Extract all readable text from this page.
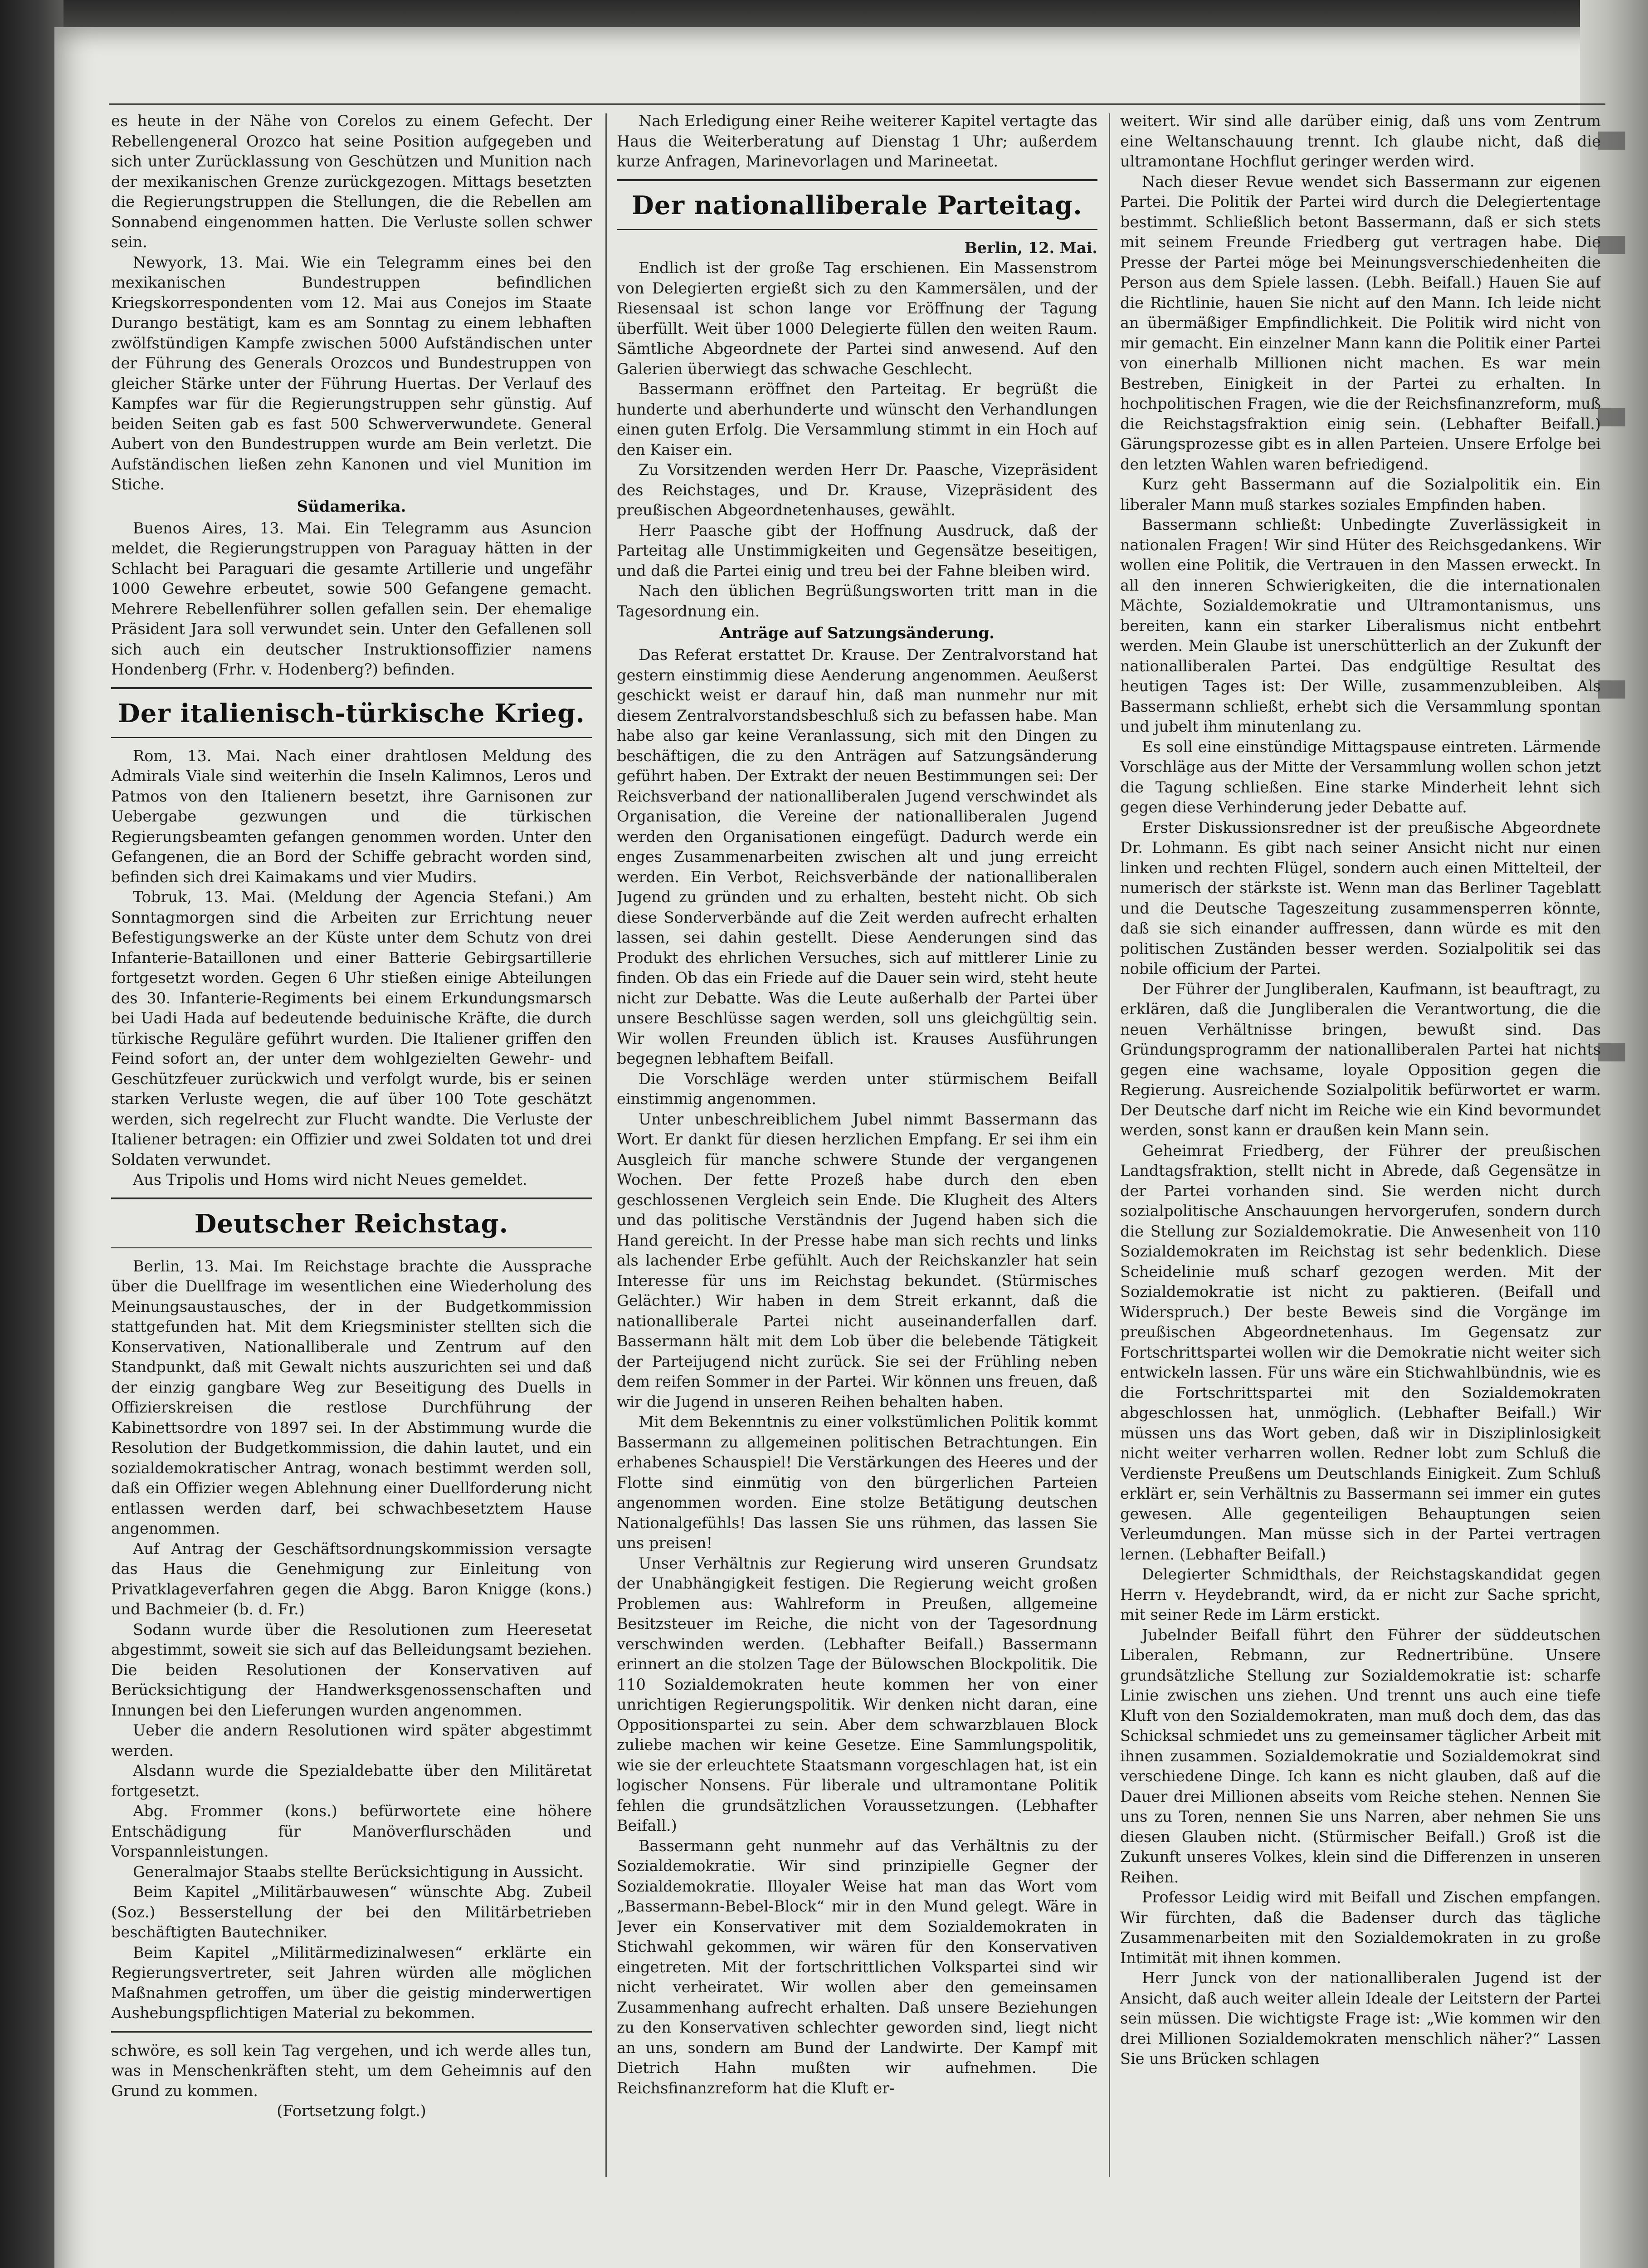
es heute in der Nähe von Corelos zu einem Gefecht. Der Rebellengeneral Orozco hat seine Position aufgegeben und sich unter Zurücklassung von Geschützen und Munition nach der mexikanischen Grenze zurückgezogen. Mittags besetzten die Regierungstruppen die Stellungen, die die Rebellen am Sonnabend eingenommen hatten. Die Verluste sollen schwer sein.

Newyork, 13. Mai. Wie ein Telegramm eines bei den mexikanischen Bundestruppen befindlichen Kriegskorrespondenten vom 12. Mai aus Conejos im Staate Durango bestätigt, kam es am Sonntag zu einem lebhaften zwölfstündigen Kampfe zwischen 5000 Aufständischen unter der Führung des Generals Orozcos und Bundestruppen von gleicher Stärke unter der Führung Huertas. Der Verlauf des Kampfes war für die Regierungstruppen sehr günstig. Auf beiden Seiten gab es fast 500 Schwerverwundete. General Aubert von den Bundestruppen wurde am Bein verletzt. Die Aufständischen ließen zehn Kanonen und viel Munition im Stiche.

Südamerika.

Buenos Aires, 13. Mai. Ein Telegramm aus Asuncion meldet, die Regierungstruppen von Paraguay hätten in der Schlacht bei Paraguari die gesamte Artillerie und ungefähr 1000 Gewehre erbeutet, sowie 500 Gefangene gemacht. Mehrere Rebellenführer sollen gefallen sein. Der ehemalige Präsident Jara soll verwundet sein. Unter den Gefallenen soll sich auch ein deutscher Instruktionsoffizier namens Hondenberg (Frhr. v. Hodenberg?) befinden.

Der italienisch-türkische Krieg.

Rom, 13. Mai. Nach einer drahtlosen Meldung des Admirals Viale sind weiterhin die Inseln Kalimnos, Leros und Patmos von den Italienern besetzt, ihre Garnisonen zur Uebergabe gezwungen und die türkischen Regierungsbeamten gefangen genommen worden. Unter den Gefangenen, die an Bord der Schiffe gebracht worden sind, befinden sich drei Kaimakams und vier Mudirs.

Tobruk, 13. Mai. (Meldung der Agencia Stefani.) Am Sonntagmorgen sind die Arbeiten zur Errichtung neuer Befestigungswerke an der Küste unter dem Schutz von drei Infanterie-Bataillonen und einer Batterie Gebirgsartillerie fortgesetzt worden. Gegen 6 Uhr stießen einige Abteilungen des 30. Infanterie-Regiments bei einem Erkundungsmarsch bei Uadi Hada auf bedeutende beduinische Kräfte, die durch türkische Reguläre geführt wurden. Die Italiener griffen den Feind sofort an, der unter dem wohlgezielten Gewehr- und Geschützfeuer zurückwich und verfolgt wurde, bis er seinen starken Verluste wegen, die auf über 100 Tote geschätzt werden, sich regelrecht zur Flucht wandte. Die Verluste der Italiener betragen: ein Offizier und zwei Soldaten tot und drei Soldaten verwundet.

Aus Tripolis und Homs wird nicht Neues gemeldet.

Deutscher Reichstag.

Berlin, 13. Mai. Im Reichstage brachte die Aussprache über die Duellfrage im wesentlichen eine Wiederholung des Meinungsaustausches, der in der Budgetkommission stattgefunden hat. Mit dem Kriegsminister stellten sich die Konservativen, Nationalliberale und Zentrum auf den Standpunkt, daß mit Gewalt nichts auszurichten sei und daß der einzig gangbare Weg zur Beseitigung des Duells in Offizierskreisen die restlose Durchführung der Kabinettsordre von 1897 sei. In der Abstimmung wurde die Resolution der Budgetkommission, die dahin lautet, und ein sozialdemokratischer Antrag, wonach bestimmt werden soll, daß ein Offizier wegen Ablehnung einer Duellforderung nicht entlassen werden darf, bei schwachbesetztem Hause angenommen.

Auf Antrag der Geschäftsordnungskommission versagte das Haus die Genehmigung zur Einleitung von Privatklageverfahren gegen die Abgg. Baron Knigge (kons.) und Bachmeier (b. d. Fr.)

Sodann wurde über die Resolutionen zum Heeresetat abgestimmt, soweit sie sich auf das Belleidungsamt beziehen. Die beiden Resolutionen der Konservativen auf Berücksichtigung der Handwerksgenossenschaften und Innungen bei den Lieferungen wurden angenommen.

Ueber die andern Resolutionen wird später abgestimmt werden.

Alsdann wurde die Spezialdebatte über den Militäretat fortgesetzt.

Abg. Frommer (kons.) befürwortete eine höhere Entschädigung für Manöverflurschäden und Vorspannleistungen.

Generalmajor Staabs stellte Berücksichtigung in Aussicht.

Beim Kapitel „Militärbauwesen“ wünschte Abg. Zubeil (Soz.) Besserstellung der bei den Militärbetrieben beschäftigten Bautechniker.

Beim Kapitel „Militärmedizinalwesen“ erklärte ein Regierungsvertreter, seit Jahren würden alle möglichen Maßnahmen getroffen, um über die geistig minderwertigen Aushebungspflichtigen Material zu bekommen.

schwöre, es soll kein Tag vergehen, und ich werde alles tun, was in Menschenkräften steht, um dem Geheimnis auf den Grund zu kommen.

(Fortsetzung folgt.)

Nach Erledigung einer Reihe weiterer Kapitel vertagte das Haus die Weiterberatung auf Dienstag 1 Uhr; außerdem kurze Anfragen, Marinevorlagen und Marineetat.

Der nationalliberale Parteitag.

Berlin, 12. Mai.

Endlich ist der große Tag erschienen. Ein Massenstrom von Delegierten ergießt sich zu den Kammersälen, und der Riesensaal ist schon lange vor Eröffnung der Tagung überfüllt. Weit über 1000 Delegierte füllen den weiten Raum. Sämtliche Abgeordnete der Partei sind anwesend. Auf den Galerien überwiegt das schwache Geschlecht.

Bassermann eröffnet den Parteitag. Er begrüßt die hunderte und aberhunderte und wünscht den Verhandlungen einen guten Erfolg. Die Versammlung stimmt in ein Hoch auf den Kaiser ein.

Zu Vorsitzenden werden Herr Dr. Paasche, Vizepräsident des Reichstages, und Dr. Krause, Vizepräsident des preußischen Abgeordnetenhauses, gewählt.

Herr Paasche gibt der Hoffnung Ausdruck, daß der Parteitag alle Unstimmigkeiten und Gegensätze beseitigen, und daß die Partei einig und treu bei der Fahne bleiben wird.

Nach den üblichen Begrüßungsworten tritt man in die Tagesordnung ein.

Anträge auf Satzungsänderung.

Das Referat erstattet Dr. Krause. Der Zentralvorstand hat gestern einstimmig diese Aenderung angenommen. Aeußerst geschickt weist er darauf hin, daß man nunmehr nur mit diesem Zentralvorstandsbeschluß sich zu befassen habe. Man habe also gar keine Veranlassung, sich mit den Dingen zu beschäftigen, die zu den Anträgen auf Satzungsänderung geführt haben. Der Extrakt der neuen Bestimmungen sei: Der Reichsverband der nationalliberalen Jugend verschwindet als Organisation, die Vereine der nationalliberalen Jugend werden den Organisationen eingefügt. Dadurch werde ein enges Zusammenarbeiten zwischen alt und jung erreicht werden. Ein Verbot, Reichsverbände der nationalliberalen Jugend zu gründen und zu erhalten, besteht nicht. Ob sich diese Sonderverbände auf die Zeit werden aufrecht erhalten lassen, sei dahin gestellt. Diese Aenderungen sind das Produkt des ehrlichen Versuches, sich auf mittlerer Linie zu finden. Ob das ein Friede auf die Dauer sein wird, steht heute nicht zur Debatte. Was die Leute außerhalb der Partei über unsere Beschlüsse sagen werden, soll uns gleichgültig sein. Wir wollen Freunden üblich ist. Krauses Ausführungen begegnen lebhaftem Beifall.

Die Vorschläge werden unter stürmischem Beifall einstimmig angenommen.

Unter unbeschreiblichem Jubel nimmt Bassermann das Wort. Er dankt für diesen herzlichen Empfang. Er sei ihm ein Ausgleich für manche schwere Stunde der vergangenen Wochen. Der fette Prozeß habe durch den eben geschlossenen Vergleich sein Ende. Die Klugheit des Alters und das politische Verständnis der Jugend haben sich die Hand gereicht. In der Presse habe man sich rechts und links als lachender Erbe gefühlt. Auch der Reichskanzler hat sein Interesse für uns im Reichstag bekundet. (Stürmisches Gelächter.) Wir haben in dem Streit erkannt, daß die nationalliberale Partei nicht auseinanderfallen darf. Bassermann hält mit dem Lob über die belebende Tätigkeit der Parteijugend nicht zurück. Sie sei der Frühling neben dem reifen Sommer in der Partei. Wir können uns freuen, daß wir die Jugend in unseren Reihen behalten haben.

Mit dem Bekenntnis zu einer volkstümlichen Politik kommt Bassermann zu allgemeinen politischen Betrachtungen. Ein erhabenes Schauspiel! Die Verstärkungen des Heeres und der Flotte sind einmütig von den bürgerlichen Parteien angenommen worden. Eine stolze Betätigung deutschen Nationalgefühls! Das lassen Sie uns rühmen, das lassen Sie uns preisen!

Unser Verhältnis zur Regierung wird unseren Grundsatz der Unabhängigkeit festigen. Die Regierung weicht großen Problemen aus: Wahlreform in Preußen, allgemeine Besitzsteuer im Reiche, die nicht von der Tagesordnung verschwinden werden. (Lebhafter Beifall.) Bassermann erinnert an die stolzen Tage der Bülowschen Blockpolitik. Die 110 Sozialdemokraten heute kommen her von einer unrichtigen Regierungspolitik. Wir denken nicht daran, eine Oppositionspartei zu sein. Aber dem schwarzblauen Block zuliebe machen wir keine Gesetze. Eine Sammlungspolitik, wie sie der erleuchtete Staatsmann vorgeschlagen hat, ist ein logischer Nonsens. Für liberale und ultramontane Politik fehlen die grundsätzlichen Voraussetzungen. (Lebhafter Beifall.)

Bassermann geht nunmehr auf das Verhältnis zu der Sozialdemokratie. Wir sind prinzipielle Gegner der Sozialdemokratie. Illoyaler Weise hat man das Wort vom „Bassermann-Bebel-Block“ mir in den Mund gelegt. Wäre in Jever ein Konservativer mit dem Sozialdemokraten in Stichwahl gekommen, wir wären für den Konservativen eingetreten. Mit der fortschrittlichen Volkspartei sind wir nicht verheiratet. Wir wollen aber den gemeinsamen Zusammenhang aufrecht erhalten. Daß unsere Beziehungen zu den Konservativen schlechter geworden sind, liegt nicht an uns, sondern am Bund der Landwirte. Der Kampf mit Dietrich Hahn mußten wir aufnehmen. Die Reichsfinanzreform hat die Kluft er-

weitert. Wir sind alle darüber einig, daß uns vom Zentrum eine Weltanschauung trennt. Ich glaube nicht, daß die ultramontane Hochflut geringer werden wird.

Nach dieser Revue wendet sich Bassermann zur eigenen Partei. Die Politik der Partei wird durch die Delegiertentage bestimmt. Schließlich betont Bassermann, daß er sich stets mit seinem Freunde Friedberg gut vertragen habe. Die Presse der Partei möge bei Meinungsverschiedenheiten die Person aus dem Spiele lassen. (Lebh. Beifall.) Hauen Sie auf die Richtlinie, hauen Sie nicht auf den Mann. Ich leide nicht an übermäßiger Empfindlichkeit. Die Politik wird nicht von mir gemacht. Ein einzelner Mann kann die Politik einer Partei von einerhalb Millionen nicht machen. Es war mein Bestreben, Einigkeit in der Partei zu erhalten. In hochpolitischen Fragen, wie die der Reichsfinanzreform, muß die Reichstagsfraktion einig sein. (Lebhafter Beifall.) Gärungsprozesse gibt es in allen Parteien. Unsere Erfolge bei den letzten Wahlen waren befriedigend.

Kurz geht Bassermann auf die Sozialpolitik ein. Ein liberaler Mann muß starkes soziales Empfinden haben.

Bassermann schließt: Unbedingte Zuverlässigkeit in nationalen Fragen! Wir sind Hüter des Reichsgedankens. Wir wollen eine Politik, die Vertrauen in den Massen erweckt. In all den inneren Schwierigkeiten, die die internationalen Mächte, Sozialdemokratie und Ultramontanismus, uns bereiten, kann ein starker Liberalismus nicht entbehrt werden. Mein Glaube ist unerschütterlich an der Zukunft der nationalliberalen Partei. Das endgültige Resultat des heutigen Tages ist: Der Wille, zusammenzubleiben. Als Bassermann schließt, erhebt sich die Versammlung spontan und jubelt ihm minutenlang zu.

Es soll eine einstündige Mittagspause eintreten. Lärmende Vorschläge aus der Mitte der Versammlung wollen schon jetzt die Tagung schließen. Eine starke Minderheit lehnt sich gegen diese Verhinderung jeder Debatte auf.

Erster Diskussionsredner ist der preußische Abgeordnete Dr. Lohmann. Es gibt nach seiner Ansicht nicht nur einen linken und rechten Flügel, sondern auch einen Mittelteil, der numerisch der stärkste ist. Wenn man das Berliner Tageblatt und die Deutsche Tageszeitung zusammensperren könnte, daß sie sich einander auffressen, dann würde es mit den politischen Zuständen besser werden. Sozialpolitik sei das nobile officium der Partei.

Der Führer der Jungliberalen, Kaufmann, ist beauftragt, zu erklären, daß die Jungliberalen die Verantwortung, die die neuen Verhältnisse bringen, bewußt sind. Das Gründungsprogramm der nationalliberalen Partei hat nichts gegen eine wachsame, loyale Opposition gegen die Regierung. Ausreichende Sozialpolitik befürwortet er warm. Der Deutsche darf nicht im Reiche wie ein Kind bevormundet werden, sonst kann er draußen kein Mann sein.

Geheimrat Friedberg, der Führer der preußischen Landtagsfraktion, stellt nicht in Abrede, daß Gegensätze in der Partei vorhanden sind. Sie werden nicht durch sozialpolitische Anschauungen hervorgerufen, sondern durch die Stellung zur Sozialdemokratie. Die Anwesenheit von 110 Sozialdemokraten im Reichstag ist sehr bedenklich. Diese Scheidelinie muß scharf gezogen werden. Mit der Sozialdemokratie ist nicht zu paktieren. (Beifall und Widerspruch.) Der beste Beweis sind die Vorgänge im preußischen Abgeordnetenhaus. Im Gegensatz zur Fortschrittspartei wollen wir die Demokratie nicht weiter sich entwickeln lassen. Für uns wäre ein Stichwahlbündnis, wie es die Fortschrittspartei mit den Sozialdemokraten abgeschlossen hat, unmöglich. (Lebhafter Beifall.) Wir müssen uns das Wort geben, daß wir in Disziplinlosigkeit nicht weiter verharren wollen. Redner lobt zum Schluß die Verdienste Preußens um Deutschlands Einigkeit. Zum Schluß erklärt er, sein Verhältnis zu Bassermann sei immer ein gutes gewesen. Alle gegenteiligen Behauptungen seien Verleumdungen. Man müsse sich in der Partei vertragen lernen. (Lebhafter Beifall.)

Delegierter Schmidthals, der Reichstagskandidat gegen Herrn v. Heydebrandt, wird, da er nicht zur Sache spricht, mit seiner Rede im Lärm erstickt.

Jubelnder Beifall führt den Führer der süddeutschen Liberalen, Rebmann, zur Rednertribüne. Unsere grundsätzliche Stellung zur Sozialdemokratie ist: scharfe Linie zwischen uns ziehen. Und trennt uns auch eine tiefe Kluft von den Sozialdemokraten, man muß doch dem, das das Schicksal schmiedet uns zu gemeinsamer täglicher Arbeit mit ihnen zusammen. Sozialdemokratie und Sozialdemokrat sind verschiedene Dinge. Ich kann es nicht glauben, daß auf die Dauer drei Millionen abseits vom Reiche stehen. Nennen Sie uns zu Toren, nennen Sie uns Narren, aber nehmen Sie uns diesen Glauben nicht. (Stürmischer Beifall.) Groß ist die Zukunft unseres Volkes, klein sind die Differenzen in unseren Reihen.

Professor Leidig wird mit Beifall und Zischen empfangen. Wir fürchten, daß die Badenser durch das tägliche Zusammenarbeiten mit den Sozialdemokraten in zu große Intimität mit ihnen kommen.

Herr Junck von der nationalliberalen Jugend ist der Ansicht, daß auch weiter allein Ideale der Leitstern der Partei sein müssen. Die wichtigste Frage ist: „Wie kommen wir den drei Millionen Sozialdemokraten menschlich näher?“ Lassen Sie uns Brücken schlagen
